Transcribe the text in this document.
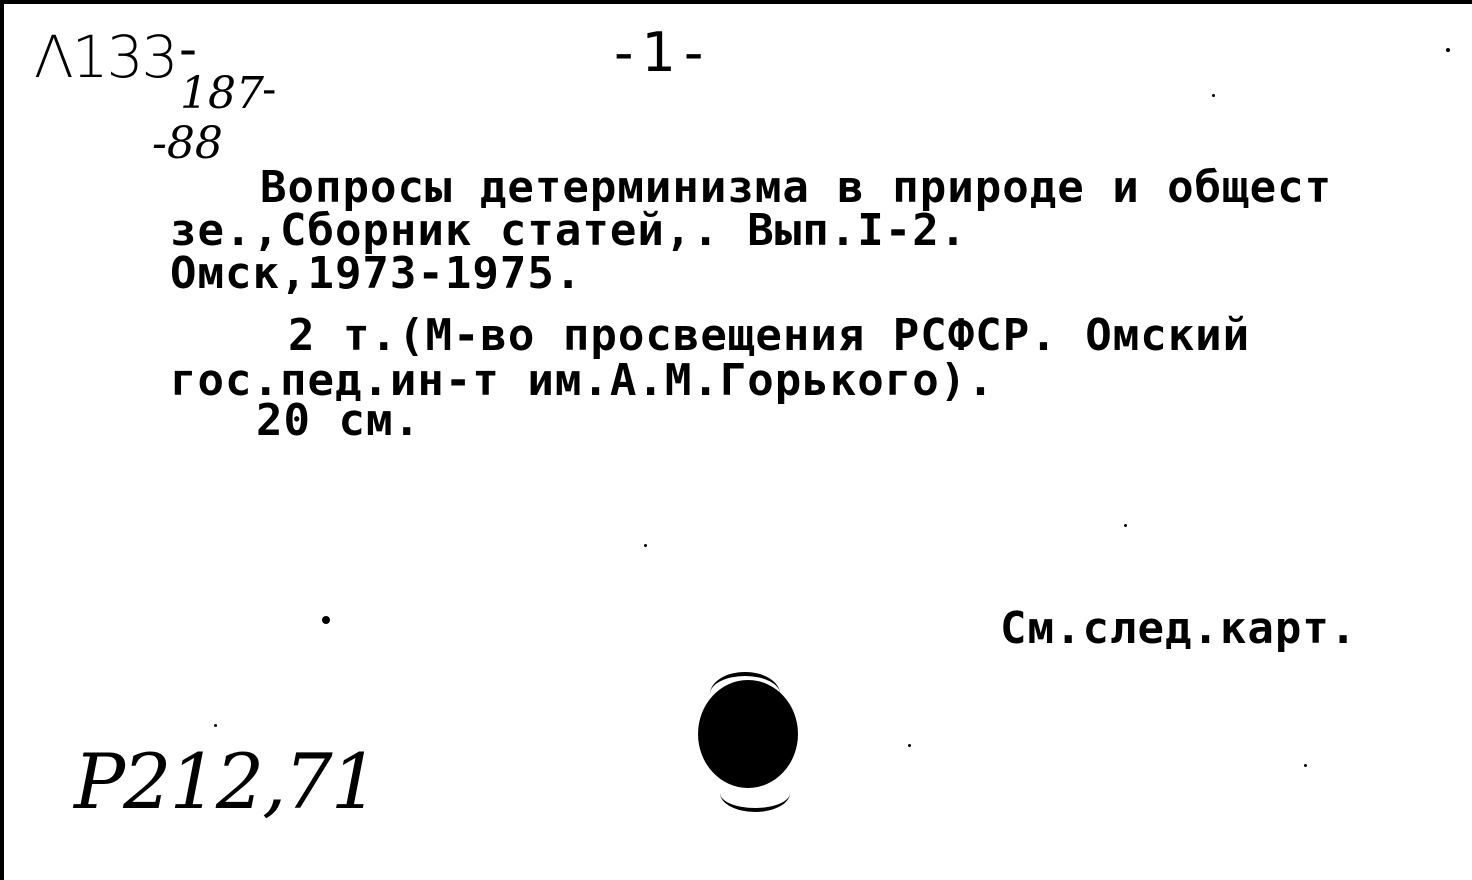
Λ133 -
187
-
-88
-1-
Вопросы детерминизма в природе и общест
зе.,Сборник статей,. Вып.I-2.
Омск,1973-1975.
2 т.(М-во просвещения РСФСР. Омский
гос.пед.ин-т им.А.М.Горького).
20 см.
См.след.карт.
Р212,71
